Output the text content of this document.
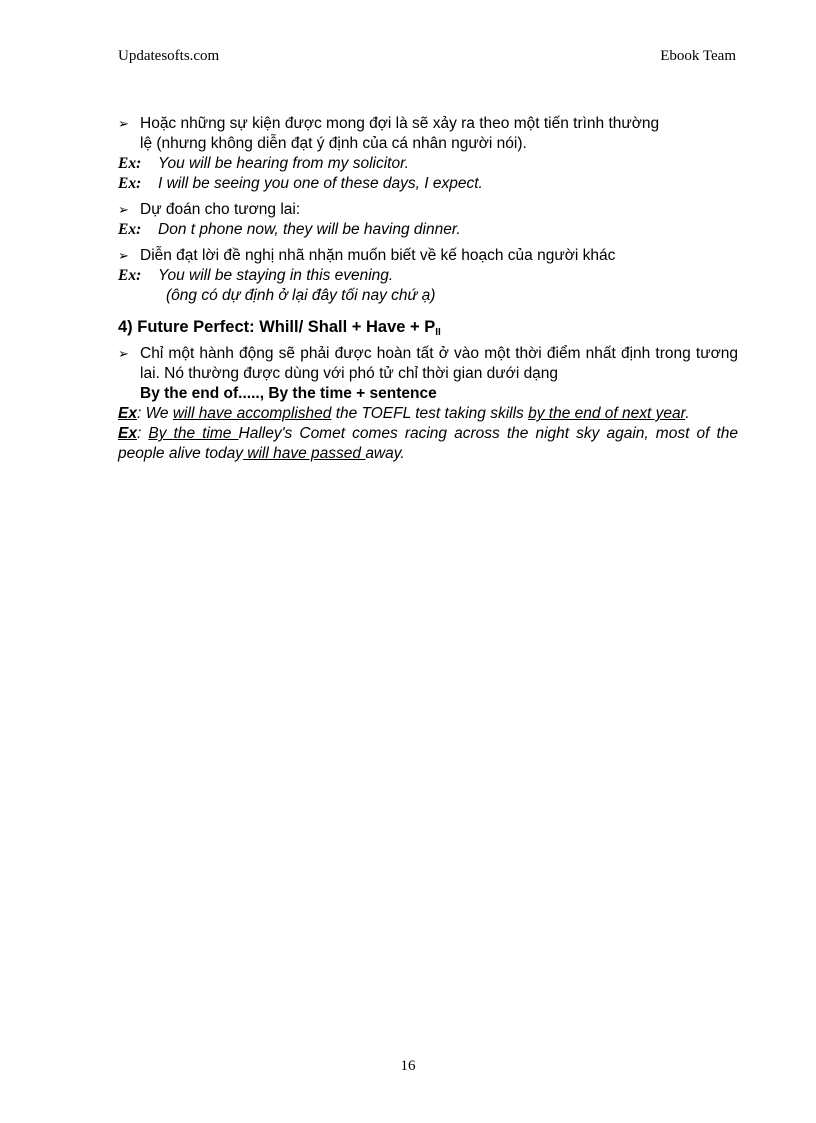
Updatesofts.com	Ebook Team
➢ Hoặc những sự kiện được mong đợi là sẽ xảy ra theo một tiến trình thường
lệ (nhưng không diễn đạt ý định của cá nhân người nói).
Ex: You will be hearing from my solicitor.
Ex: I will be seeing you one of these days, I expect.
➢ Dự đoán cho tương lai:
Ex: Don t phone now, they will be having dinner.
➢ Diễn đạt lời đề nghị nhã nhặn muốn biết về kế hoạch của người khác
Ex: You will be staying in this evening.
(ông có dự định ở lại đây tối nay chứ ạ)
4) Future Perfect: Whill/ Shall + Have + $P_{II}$
➢ Chỉ một hành động sẽ phải được hoàn tất ở vào một thời điểm nhất định trong tương lai. Nó thường được dùng với phó tử chỉ thời gian dưới dạng
By the end of....., By the time + sentence
Ex: We will have accomplished the TOEFL test taking skills by the end of next year.
Ex: By the time Halley's Comet comes racing across the night sky again, most of the people alive today will have passed away.
16
